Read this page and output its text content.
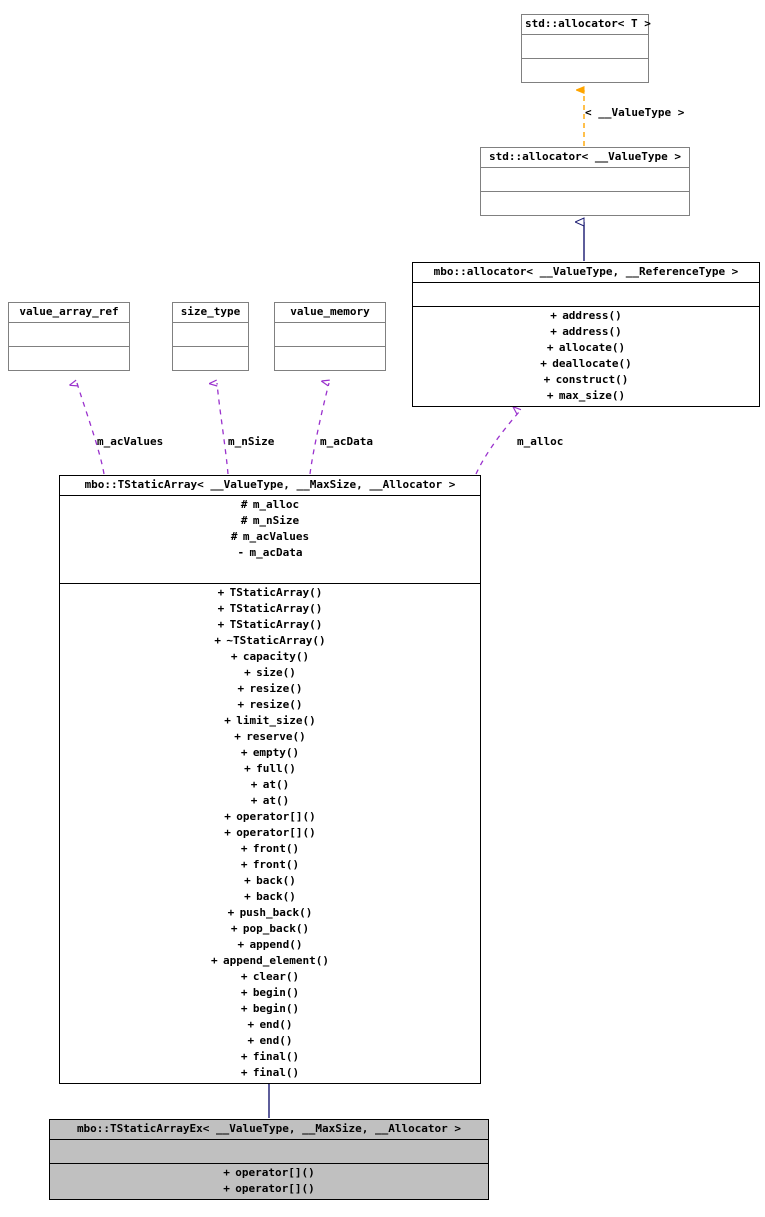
< __ValueType >
m_acValues	m_nSize	m_acData	m_alloc
std::allocator< T >
std::allocator< __ValueType >
mbo::allocator< __ValueType, __ReferenceType >
+ address()
+ address()
+ allocate()
+ deallocate()
+ construct()
+ max_size()
value_array_ref	size_type	value_memory
mbo::TStaticArray< __ValueType, __MaxSize, __Allocator >
# m_alloc
# m_nSize
# m_acValues
- m_acData
+ TStaticArray()
+ TStaticArray()
+ TStaticArray()
+ ~TStaticArray()
+ capacity()
+ size()
+ resize()
+ resize()
+ limit_size()
+ reserve()
+ empty()
+ full()
+ at()
+ at()
+ operator[]()
+ operator[]()
+ front()
+ front()
+ back()
+ back()
+ push_back()
+ pop_back()
+ append()
+ append_element()
+ clear()
+ begin()
+ begin()
+ end()
+ end()
+ final()
+ final()
mbo::TStaticArrayEx< __ValueType, __MaxSize, __Allocator >
+ operator[]()
+ operator[]()
